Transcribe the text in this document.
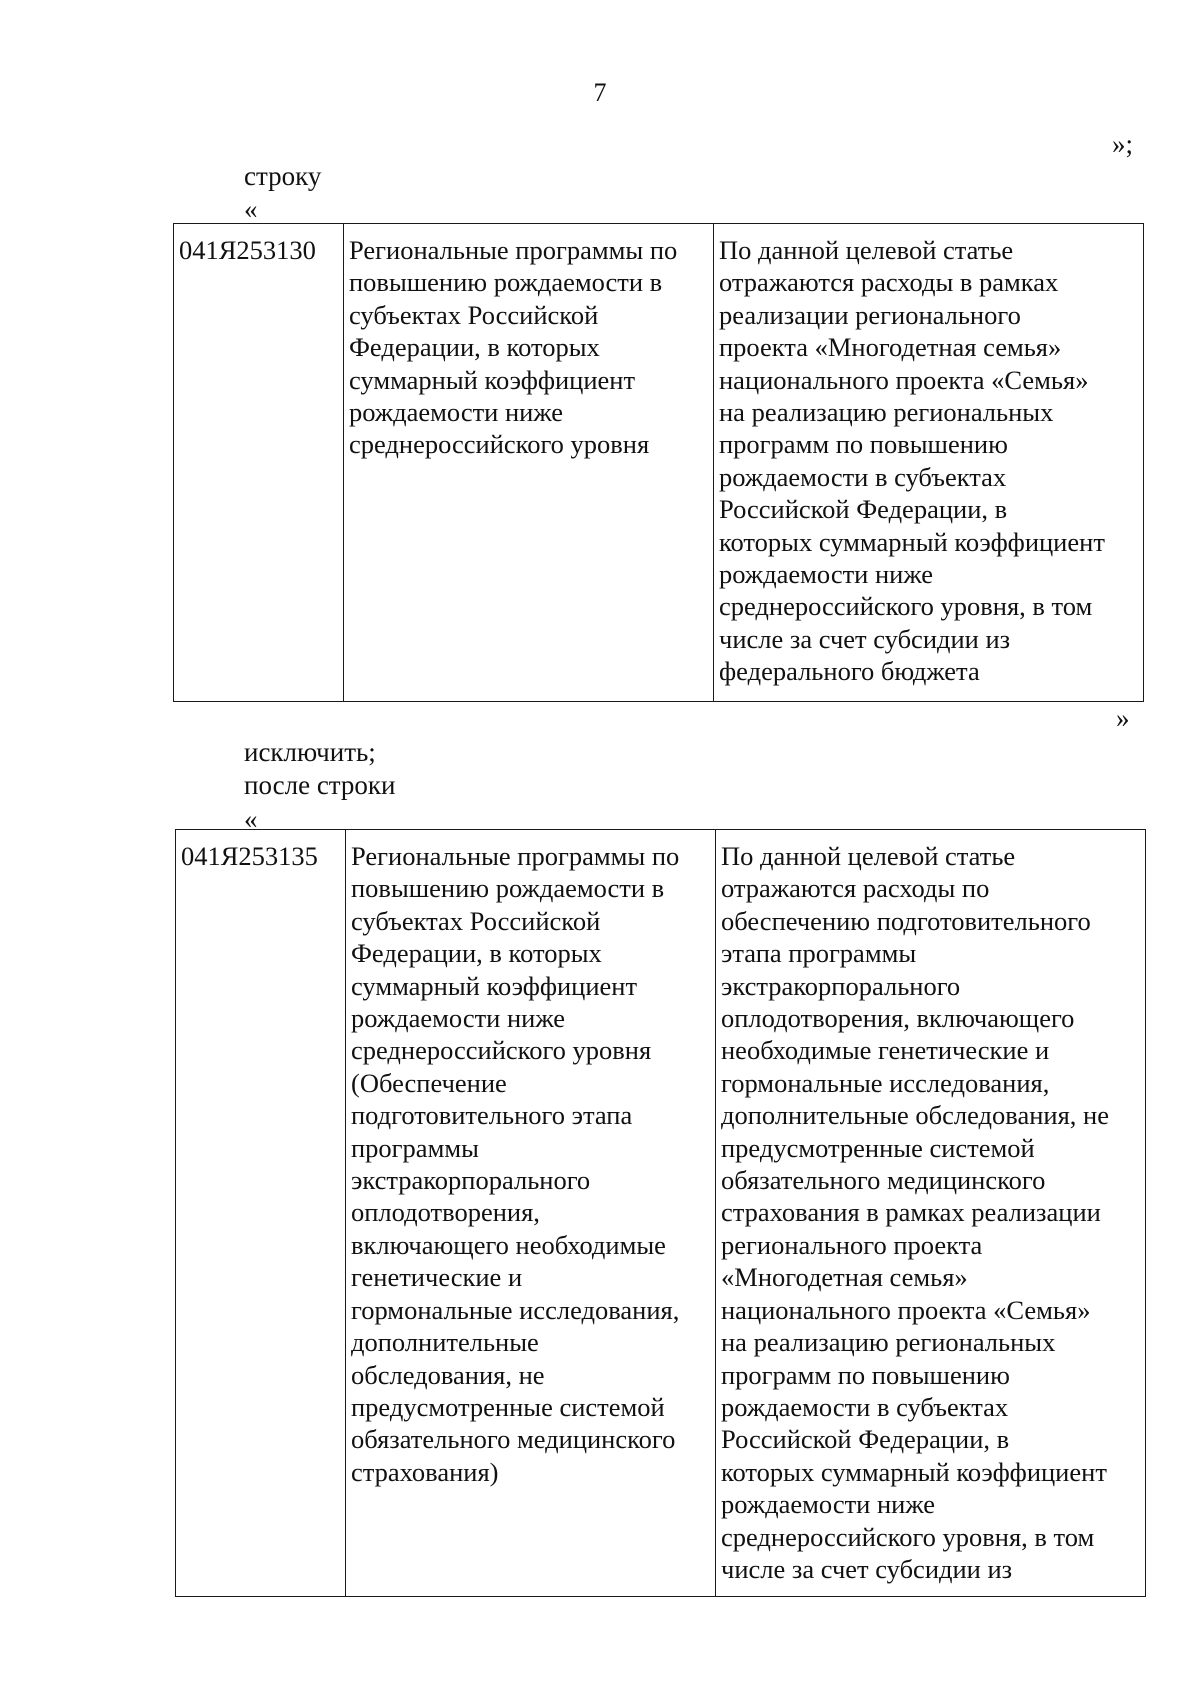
7
»;
строку
«
041Я253130	Региональные программы по
повышению рождаемости в
субъектах Российской
Федерации, в которых
суммарный коэффициент
рождаемости ниже
среднероссийского уровня

По данной целевой статье
отражаются расходы в рамках
реализации регионального
проекта «Многодетная семья»
национального проекта «Семья»
на реализацию региональных
программ по повышению
рождаемости в субъектах
Российской Федерации, в
которых суммарный коэффициент
рождаемости ниже
среднероссийского уровня, в том
числе за счет субсидии из
федерального бюджета
»
исключить;
после строки
«
041Я253135	Региональные программы по
повышению рождаемости в
субъектах Российской
Федерации, в которых
суммарный коэффициент
рождаемости ниже
среднероссийского уровня
(Обеспечение
подготовительного этапа
программы
экстракорпорального
оплодотворения,
включающего необходимые
генетические и
гормональные исследования,
дополнительные
обследования, не
предусмотренные системой
обязательного медицинского
страхования)

По данной целевой статье
отражаются расходы по
обеспечению подготовительного
этапа программы
экстракорпорального
оплодотворения, включающего
необходимые генетические и
гормональные исследования,
дополнительные обследования, не
предусмотренные системой
обязательного медицинского
страхования в рамках реализации
регионального проекта
«Многодетная семья»
национального проекта «Семья»
на реализацию региональных
программ по повышению
рождаемости в субъектах
Российской Федерации, в
которых суммарный коэффициент
рождаемости ниже
среднероссийского уровня, в том
числе за счет субсидии из
